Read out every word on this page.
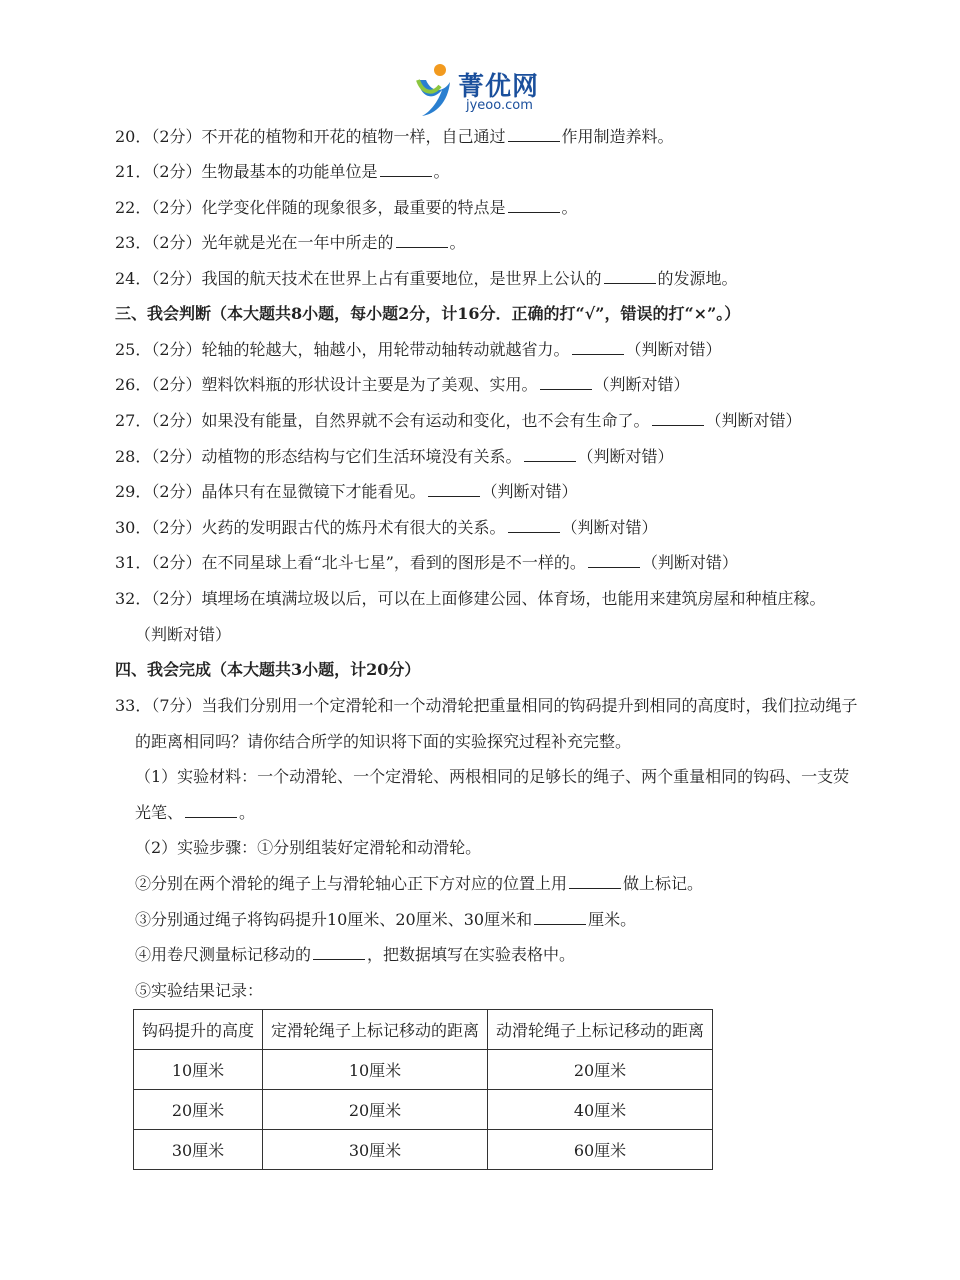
菁优网
jyeoo.com
20．（2分）不开花的植物和开花的植物一样，自己通过	作用制造养料。
21．（2分）生物最基本的功能单位是	。
22．（2分）化学变化伴随的现象很多，最重要的特点是	。
23．（2分）光年就是光在一年中所走的	。
24．（2分）我国的航天技术在世界上占有重要地位，是世界上公认的	的发源地。
三、我会判断（本大题共8小题，每小题2分，计16分．正确的打“√”，错误的打“×”。）
25．（2分）轮轴的轮越大，轴越小，用轮带动轴转动就越省力。	（判断对错）
26．（2分）塑料饮料瓶的形状设计主要是为了美观、实用。	（判断对错）
27．（2分）如果没有能量，自然界就不会有运动和变化，也不会有生命了。	（判断对错）
28．（2分）动植物的形态结构与它们生活环境没有关系。	（判断对错）
29．（2分）晶体只有在显微镜下才能看见。	（判断对错）
30．（2分）火药的发明跟古代的炼丹术有很大的关系。	（判断对错）
31．（2分）在不同星球上看“北斗七星”，看到的图形是不一样的。	（判断对错）
32．（2分）填埋场在填满垃圾以后，可以在上面修建公园、体育场，也能用来建筑房屋和种植庄稼。
（判断对错）
四、我会完成（本大题共3小题，计20分）
33．（7分）当我们分别用一个定滑轮和一个动滑轮把重量相同的钩码提升到相同的高度时，我们拉动绳子
的距离相同吗？请你结合所学的知识将下面的实验探究过程补充完整。
（1）实验材料：一个动滑轮、一个定滑轮、两根相同的足够长的绳子、两个重量相同的钩码、一支荧
光笔、	。
（2）实验步骤：①分别组装好定滑轮和动滑轮。
②分别在两个滑轮的绳子上与滑轮轴心正下方对应的位置上用	做上标记。
③分别通过绳子将钩码提升10厘米、20厘米、30厘米和	厘米。
④用卷尺测量标记移动的	，把数据填写在实验表格中。
⑤实验结果记录：
钩码提升的高度	定滑轮绳子上标记移动的距离	动滑轮绳子上标记移动的距离
10厘米	10厘米	20厘米
20厘米	20厘米	40厘米
30厘米	30厘米	60厘米
